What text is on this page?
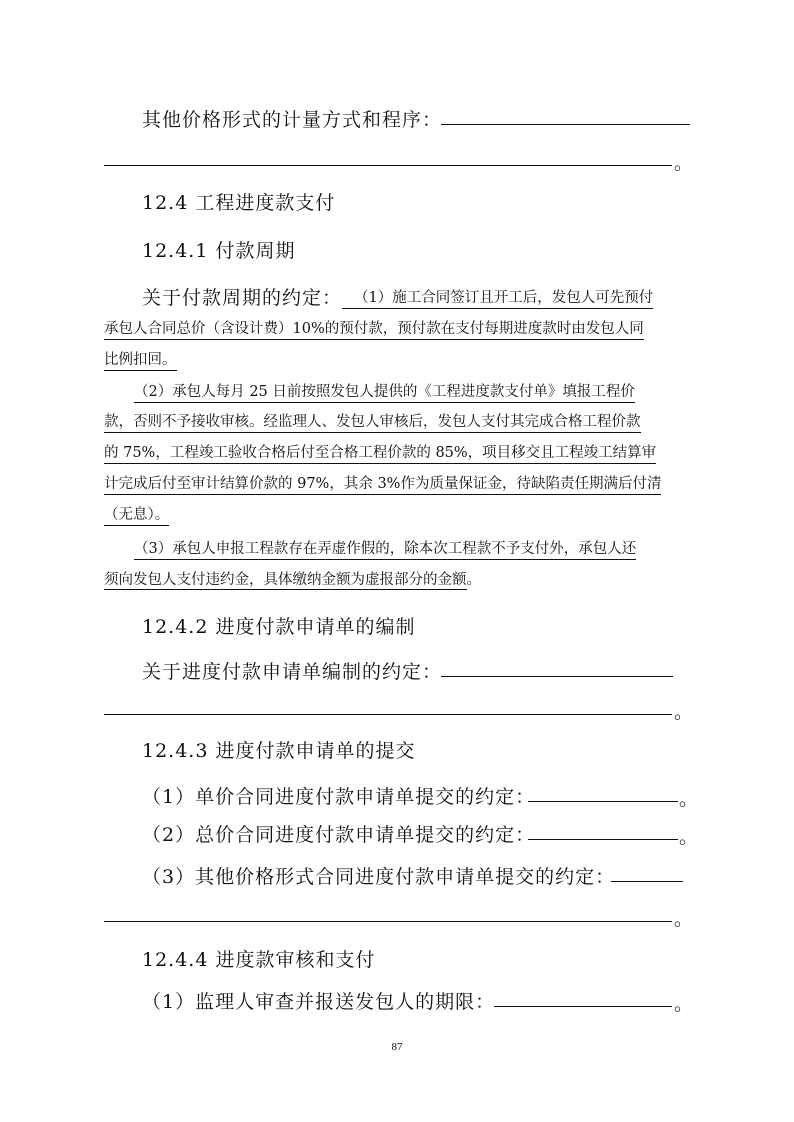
其他价格形式的计量方式和程序：
。
12.4 工程进度款支付
12.4.1 付款周期
关于付款周期的约定： （1）施工合同签订且开工后，发包人可先预付
承包人合同总价（含设计费）10%的预付款，预付款在支付每期进度款时由发包人同
比例扣回。
（2）承包人每月 25 日前按照发包人提供的《工程进度款支付单》填报工程价
款，否则不予接收审核。经监理人、发包人审核后，发包人支付其完成合格工程价款
的 75%，工程竣工验收合格后付至合格工程价款的 85%，项目移交且工程竣工结算审
计完成后付至审计结算价款的 97%，其余 3%作为质量保证金，待缺陷责任期满后付清
（无息）。
（3）承包人申报工程款存在弄虚作假的，除本次工程款不予支付外，承包人还
须向发包人支付违约金，具体缴纳金额为虚报部分的金额。
12.4.2 进度付款申请单的编制
关于进度付款申请单编制的约定：
。
12.4.3 进度付款申请单的提交
（1）单价合同进度付款申请单提交的约定：	。
（2）总价合同进度付款申请单提交的约定：	。
（3）其他价格形式合同进度付款申请单提交的约定：
。
12.4.4 进度款审核和支付
（1）监理人审查并报送发包人的期限：	。
87
